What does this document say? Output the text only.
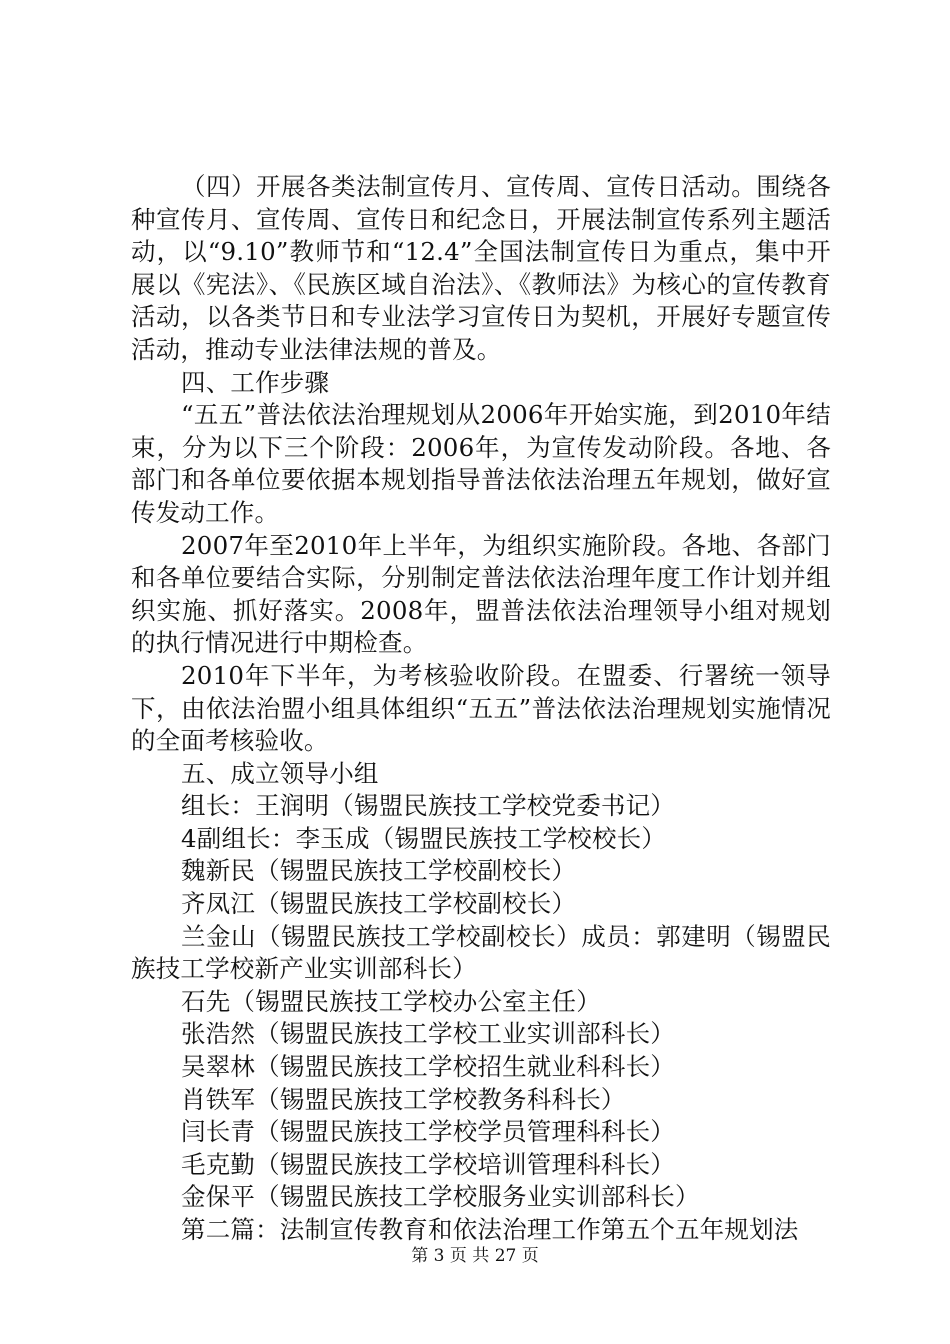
（四）开展各类法制宣传月、宣传周、宣传日活动。围绕各种宣传月、宣传周、宣传日和纪念日，开展法制宣传系列主题活动，以“9.10”教师节和“12.4”全国法制宣传日为重点，集中开展以《宪法》、《民族区域自治法》、《教师法》为核心的宣传教育活动，以各类节日和专业法学习宣传日为契机，开展好专题宣传活动，推动专业法律法规的普及。

四、工作步骤

“五五”普法依法治理规划从2006年开始实施，到2010年结束，分为以下三个阶段：2006年，为宣传发动阶段。各地、各部门和各单位要依据本规划指导普法依法治理五年规划，做好宣传发动工作。

2007年至2010年上半年，为组织实施阶段。各地、各部门和各单位要结合实际，分别制定普法依法治理年度工作计划并组织实施、抓好落实。2008年，盟普法依法治理领导小组对规划的执行情况进行中期检查。

2010年下半年，为考核验收阶段。在盟委、行署统一领导下，由依法治盟小组具体组织“五五”普法依法治理规划实施情况的全面考核验收。

五、成立领导小组

组长：王润明（锡盟民族技工学校党委书记）

4副组长：李玉成（锡盟民族技工学校校长）

魏新民（锡盟民族技工学校副校长）

齐凤江（锡盟民族技工学校副校长）

兰金山（锡盟民族技工学校副校长）成员：郭建明（锡盟民族技工学校新产业实训部科长）

石先（锡盟民族技工学校办公室主任）

张浩然（锡盟民族技工学校工业实训部科长）

吴翠林（锡盟民族技工学校招生就业科科长）

肖铁军（锡盟民族技工学校教务科科长）

闫长青（锡盟民族技工学校学员管理科科长）

毛克勤（锡盟民族技工学校培训管理科科长）

金保平（锡盟民族技工学校服务业实训部科长）

第二篇：法制宣传教育和依法治理工作第五个五年规划法

第 3 页 共 27 页
